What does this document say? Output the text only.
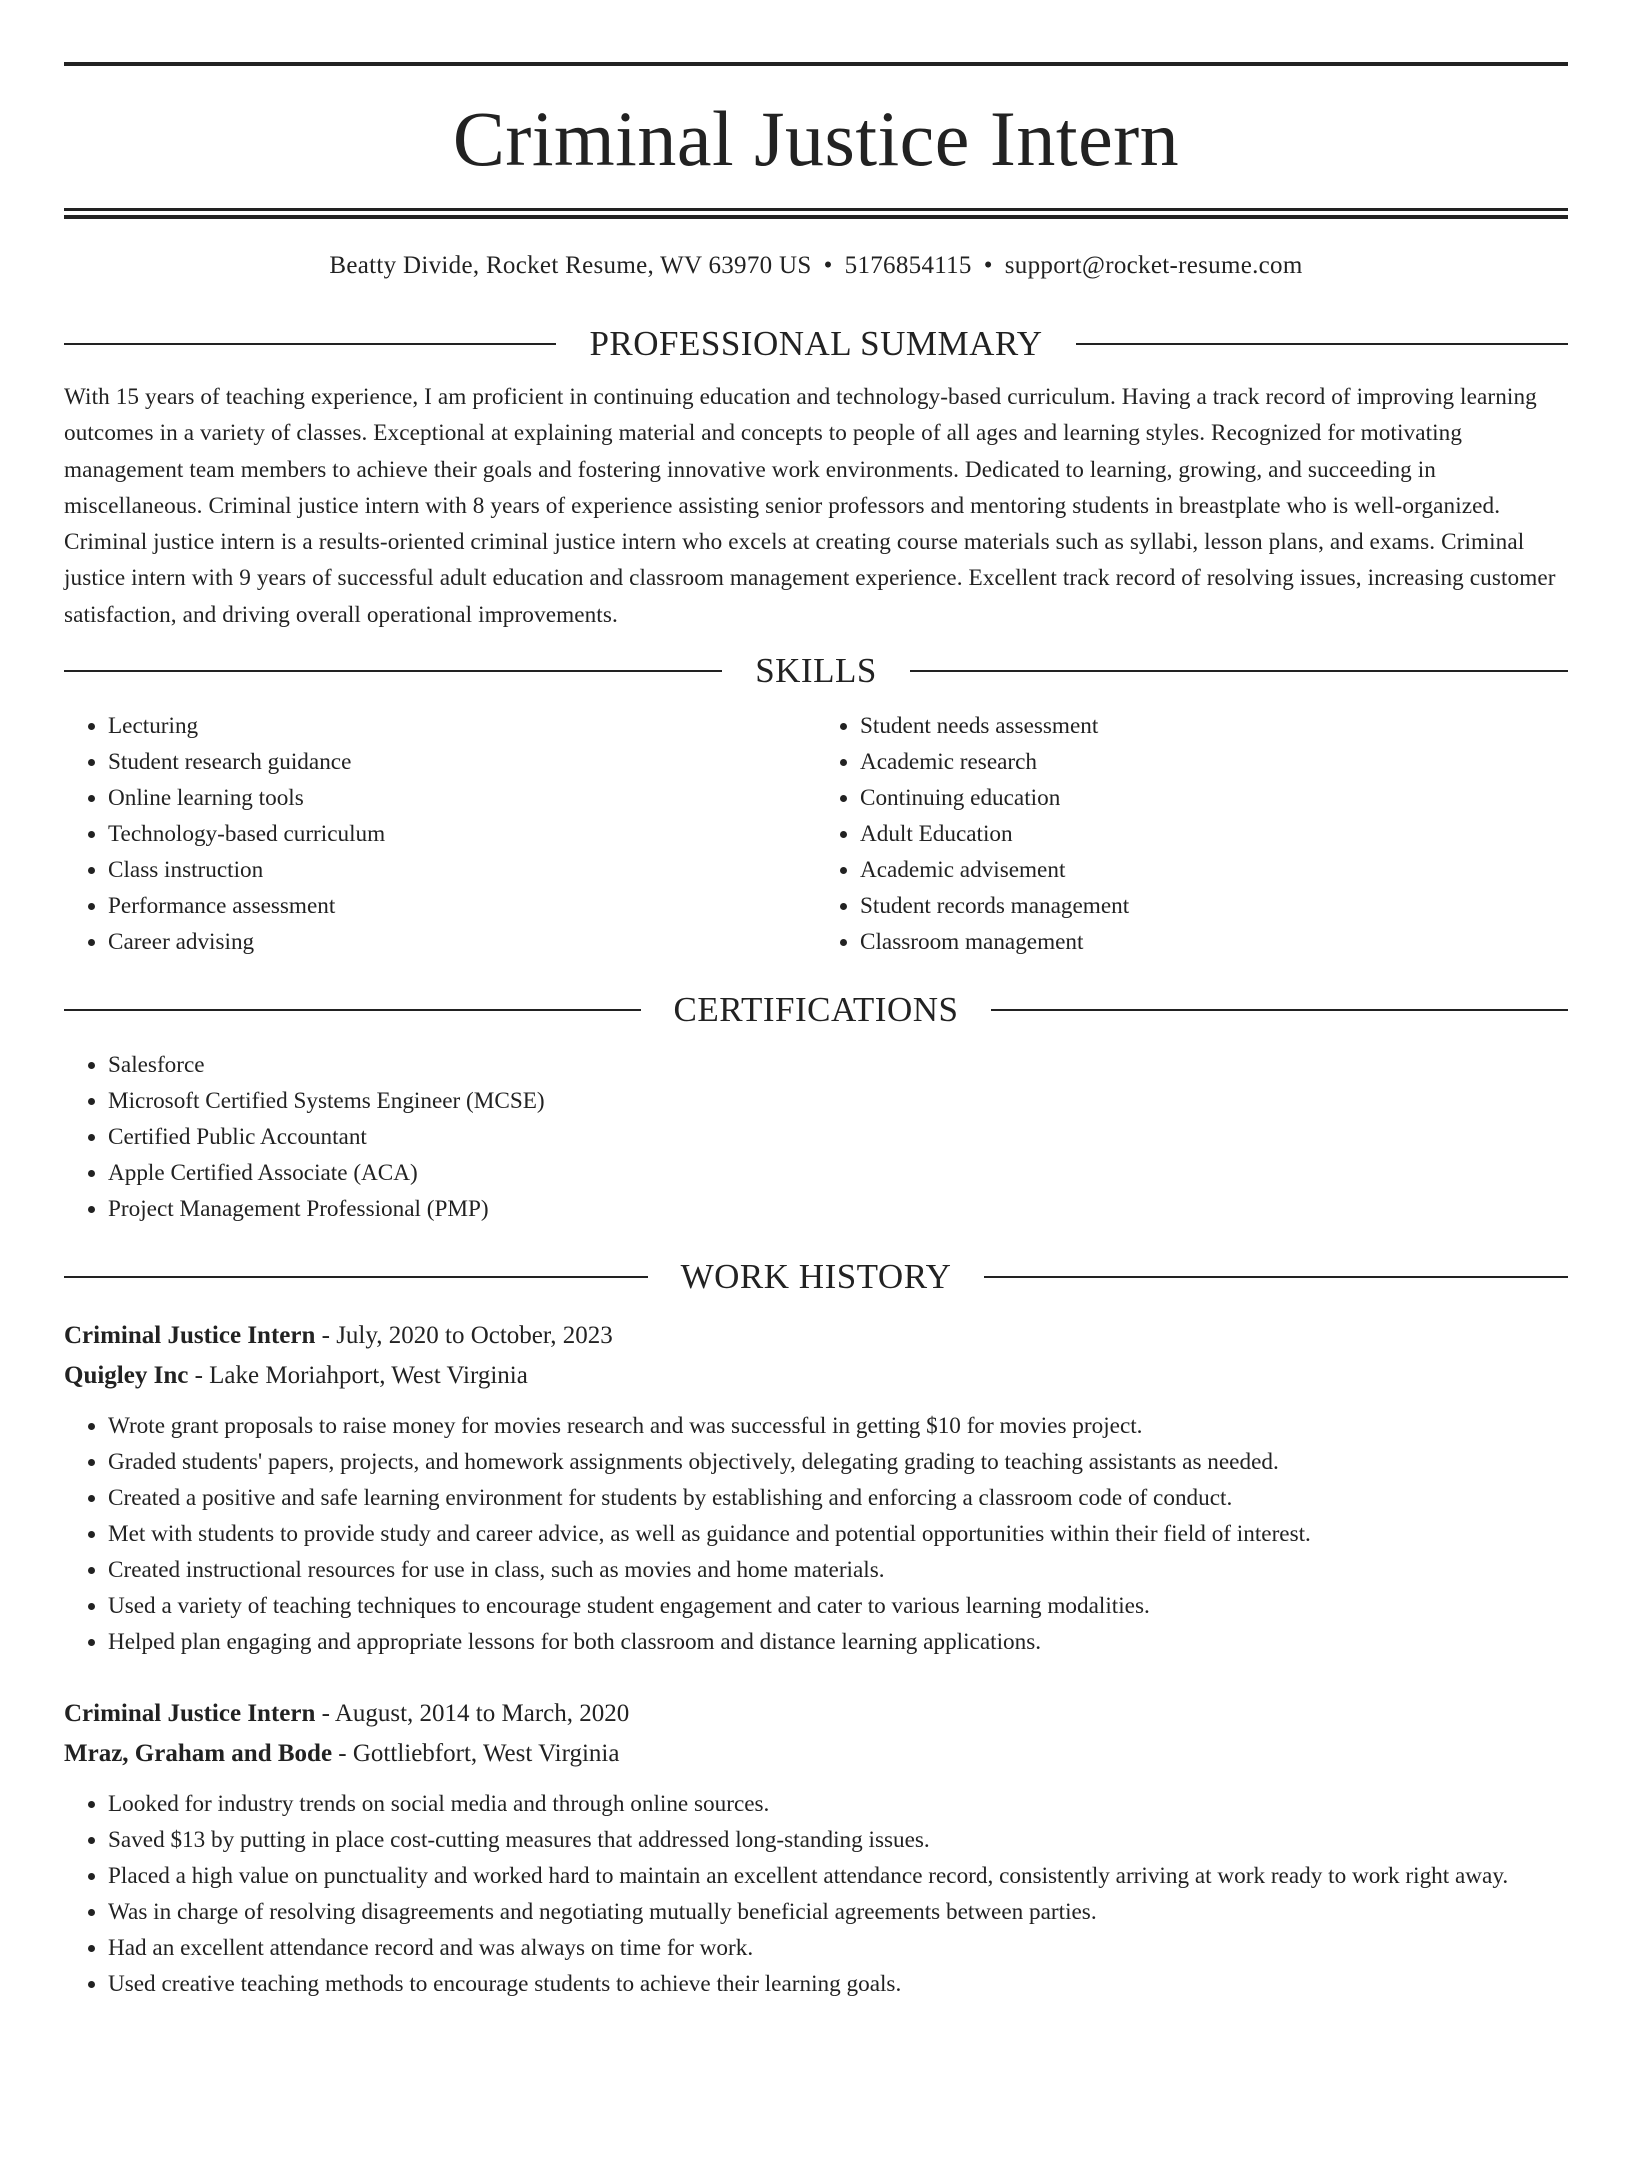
Criminal Justice Intern
Beatty Divide, Rocket Resume, WV 63970 US • 5176854115 • support@rocket-resume.com
PROFESSIONAL SUMMARY
With 15 years of teaching experience, I am proficient in continuing education and technology-based curriculum. Having a track record of improving learning outcomes in a variety of classes. Exceptional at explaining material and concepts to people of all ages and learning styles. Recognized for motivating management team members to achieve their goals and fostering innovative work environments. Dedicated to learning, growing, and succeeding in miscellaneous. Criminal justice intern with 8 years of experience assisting senior professors and mentoring students in breastplate who is well-organized. Criminal justice intern is a results-oriented criminal justice intern who excels at creating course materials such as syllabi, lesson plans, and exams. Criminal justice intern with 9 years of successful adult education and classroom management experience. Excellent track record of resolving issues, increasing customer satisfaction, and driving overall operational improvements.
SKILLS
• Lecturing
• Student research guidance
• Online learning tools
• Technology-based curriculum
• Class instruction
• Performance assessment
• Career advising
• Student needs assessment
• Academic research
• Continuing education
• Adult Education
• Academic advisement
• Student records management
• Classroom management
CERTIFICATIONS
• Salesforce
• Microsoft Certified Systems Engineer (MCSE)
• Certified Public Accountant
• Apple Certified Associate (ACA)
• Project Management Professional (PMP)
WORK HISTORY
Criminal Justice Intern - July, 2020 to October, 2023
Quigley Inc - Lake Moriahport, West Virginia
• Wrote grant proposals to raise money for movies research and was successful in getting $10 for movies project.
• Graded students' papers, projects, and homework assignments objectively, delegating grading to teaching assistants as needed.
• Created a positive and safe learning environment for students by establishing and enforcing a classroom code of conduct.
• Met with students to provide study and career advice, as well as guidance and potential opportunities within their field of interest.
• Created instructional resources for use in class, such as movies and home materials.
• Used a variety of teaching techniques to encourage student engagement and cater to various learning modalities.
• Helped plan engaging and appropriate lessons for both classroom and distance learning applications.
Criminal Justice Intern - August, 2014 to March, 2020
Mraz, Graham and Bode - Gottliebfort, West Virginia
• Looked for industry trends on social media and through online sources.
• Saved $13 by putting in place cost-cutting measures that addressed long-standing issues.
• Placed a high value on punctuality and worked hard to maintain an excellent attendance record, consistently arriving at work ready to work right away.
• Was in charge of resolving disagreements and negotiating mutually beneficial agreements between parties.
• Had an excellent attendance record and was always on time for work.
• Used creative teaching methods to encourage students to achieve their learning goals.
